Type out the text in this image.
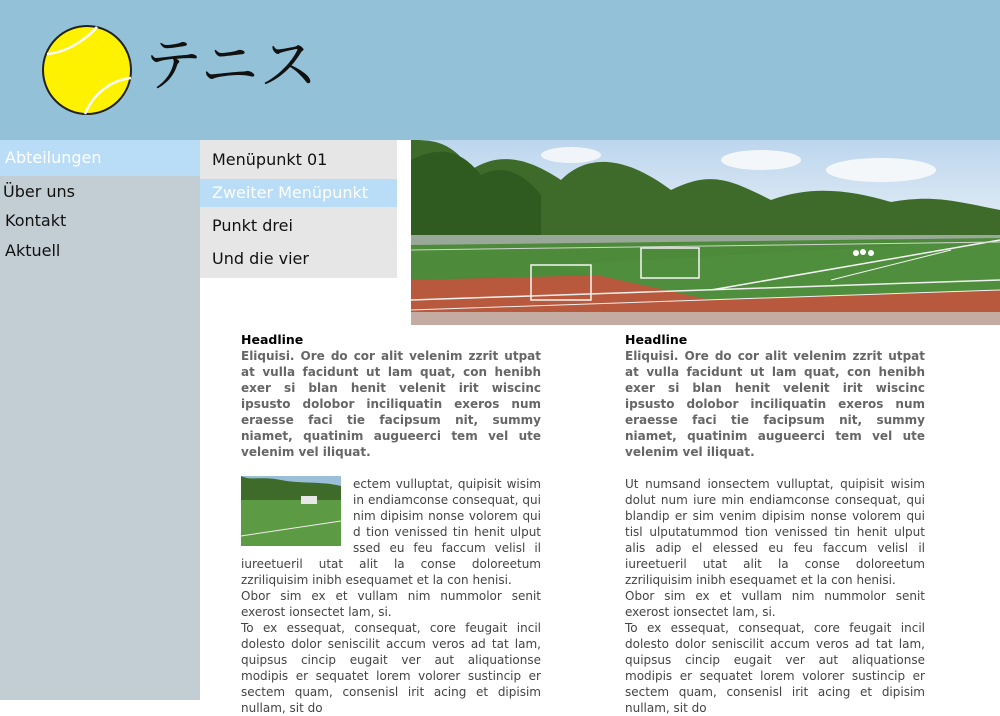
テニス
Abteilungen
Über uns
Kontakt
Aktuell
Menüpunkt 01
Zweiter Menüpunkt
Punkt drei
Und die vier

Headline

Eliquisi. Ore do cor alit velenim zzrit utpat at vulla facidunt ut lam quat, con henibh exer si blan henit velenit irit wiscinc ipsusto dolobor inciliquatin exeros num eraesse faci tie facipsum nit, summy niamet, quatinim augueerci tem vel ute velenim vel iliquat.

ectem vulluptat, quipisit wisim in endiamconse consequat, qui nim dipisim nonse volorem qui d tion venissed tin henit ulput ssed eu feu faccum velisl il iureetueril utat alit la conse doloreetum zzriliquisim inibh esequamet et la con henisi.

Obor sim ex et vullam nim nummolor senit exerost ionsectet lam, si.

To ex essequat, consequat, core feugait incil dolesto dolor seniscilit accum veros ad tat lam, quipsus cincip eugait ver aut aliquationse modipis er sequatet lorem volorer sustincip er sectem quam, consenisl irit acing et dipisim nullam, sit do

Headline

Eliquisi. Ore do cor alit velenim zzrit utpat at vulla facidunt ut lam quat, con henibh exer si blan henit velenit irit wiscinc ipsusto dolobor inciliquatin exeros num eraesse faci tie facipsum nit, summy niamet, quatinim augueerci tem vel ute velenim vel iliquat.

Ut numsand ionsectem vulluptat, quipisit wisim dolut num iure min endiamconse consequat, qui blandip er sim venim dipisim nonse volorem qui tisl ulputatummod tion venissed tin henit ulput alis adip el elessed eu feu faccum velisl il iureetueril utat alit la conse doloreetum zzriliquisim inibh esequamet et la con henisi.

Obor sim ex et vullam nim nummolor senit exerost ionsectet lam, si.

To ex essequat, consequat, core feugait incil dolesto dolor seniscilit accum veros ad tat lam, quipsus cincip eugait ver aut aliquationse modipis er sequatet lorem volorer sustincip er sectem quam, consenisl irit acing et dipisim nullam, sit do
